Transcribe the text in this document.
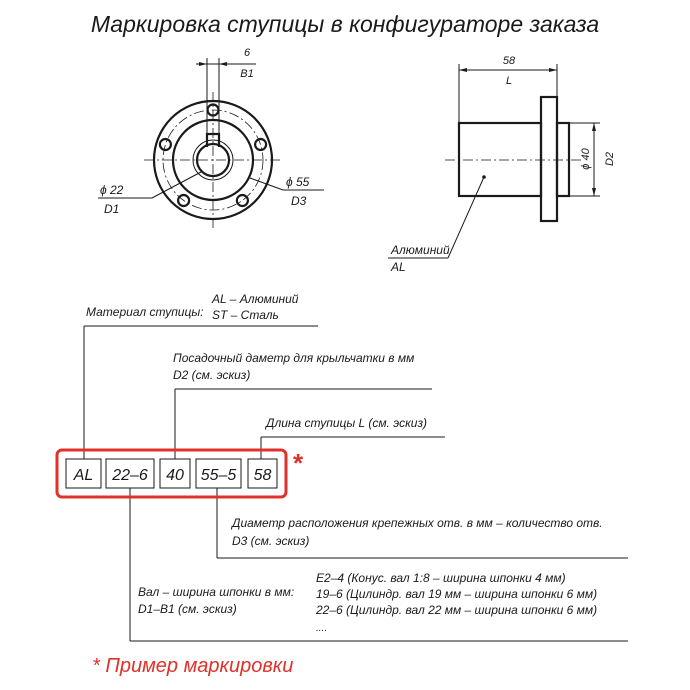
Маркировка ступицы в конфигураторе заказа
6
B1
ϕ 22
D1
ϕ 55
D3
58
L
ϕ 40 D2
Алюминий
AL
Материал ступицы:
AL – Алюминий
ST – Сталь
Посадочный даметр для крыльчатки в мм
D2 (см. эскиз)
Длина ступицы L (см. эскиз)
Диаметр расположения крепежных отв. в мм – количество отв.
D3 (см. эскиз)
Вал – ширина шпонки в мм:
D1–B1 (см. эскиз)
E2–4 (Конус. вал 1:8 – ширина шпонки 4 мм)
19–6 (Цилиндр. вал 19 мм – ширина шпонки 6 мм)
22–6 (Цилиндр. вал 22 мм – ширина шпонки 6 мм)
....
AL 22–6 40 55–5 58 *
* Пример маркировки
